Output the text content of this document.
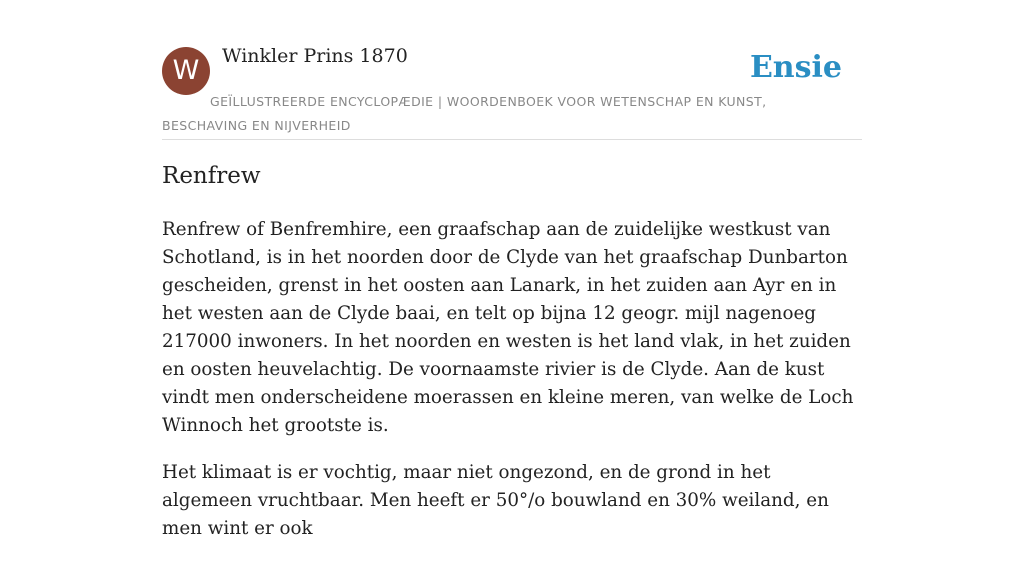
W	Winkler Prins 1870	Ensie
GEÏLLUSTREERDE ENCYCLOPÆDIE | WOORDENBOEK VOOR WETENSCHAP EN KUNST, BESCHAVING EN NIJVERHEID
Renfrew

Renfrew of Benfremhire, een graafschap aan de zuidelijke westkust van Schotland, is in het noorden door de Clyde van het graafschap Dunbarton gescheiden, grenst in het oosten aan Lanark, in het zuiden aan Ayr en in het westen aan de Clyde baai, en telt op bijna 12 geogr. mijl nagenoeg 217000 inwoners. In het noorden en westen is het land vlak, in het zuiden en oosten heuvelachtig. De voornaamste rivier is de Clyde. Aan de kust vindt men onderscheidene moerassen en kleine meren, van welke de Loch Winnoch het grootste is.

Het klimaat is er vochtig, maar niet ongezond, en de grond in het algemeen vruchtbaar. Men heeft er 50°/o bouwland en 30% weiland, en men wint er ook
